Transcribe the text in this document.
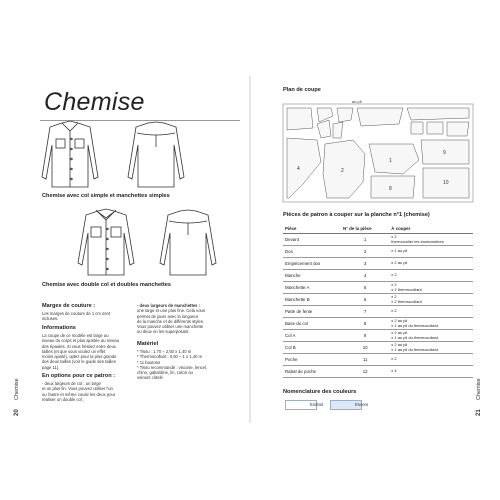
Chemise
Chemise avec col simple et manchettes simples
Chemise avec double col et doubles manchettes
Marges de couture :
Les marges de couture de 1 cm sont
incluses.
Informations
La coupe de ce modèle est large au
niveau du corps et plus ajustée au niveau
des épaules. Si vous hésitez entre deux
tailles (et que vous voulez un effet
moins ajusté), optez pour la plus grande
des deux tailles (voir le guide des tailles
page 11).
En options pour ce patron :
- deux largeurs de col : un large
et un plus fin. Vous pouvez utiliser l'un
ou l'autre et même cousir les deux pour
réaliser un double col ;
- deux largeurs de manchettes :
une large et une plus fine. Cela vous
permet de jouer avec la longueur
de la manche et de différents styles.
Vous pouvez utiliser une manchette
ou deux en les superposant.
Matériel
* Tissu : 1,70 – 2,50 x 1,40 m
* Thermocollant : 0,50 – 1 x 1,40 m
* 11 boutons
* Tissu recommandé : viscose, lencel,
chino, gabardine, lin, coton ou
velours côtelé
20
Chemise
Plan de coupe
au pli
4	2
1
8
9
10
Pièces de patron à couper sur la planche n°1 (chemise)
Pièce	N° de la pièce	À couper
Devant	1	x 2
thermocoller les boutonnières

Dos	2	x 1 au pli

Empiècement dos	3	x 2 au pli

Manche	4	x 2

Manchette A	5	x 2
x 2 thermocollant

Manchette B	6	x 2
x 2 thermocollant

Patte de fente	7	x 2

Base du col	8	x 2 au pli
x 1 au pli du thermocollant

Col A	9	x 2 au pli
x 1 au pli du thermocollant

Col B	10	x 2 au pli
x 1 au pli du thermocollant

Poche	11	x 2

Rabat de poche	12	x 4
Nomenclature des couleurs
Endroit	Envers
21
Chemise
